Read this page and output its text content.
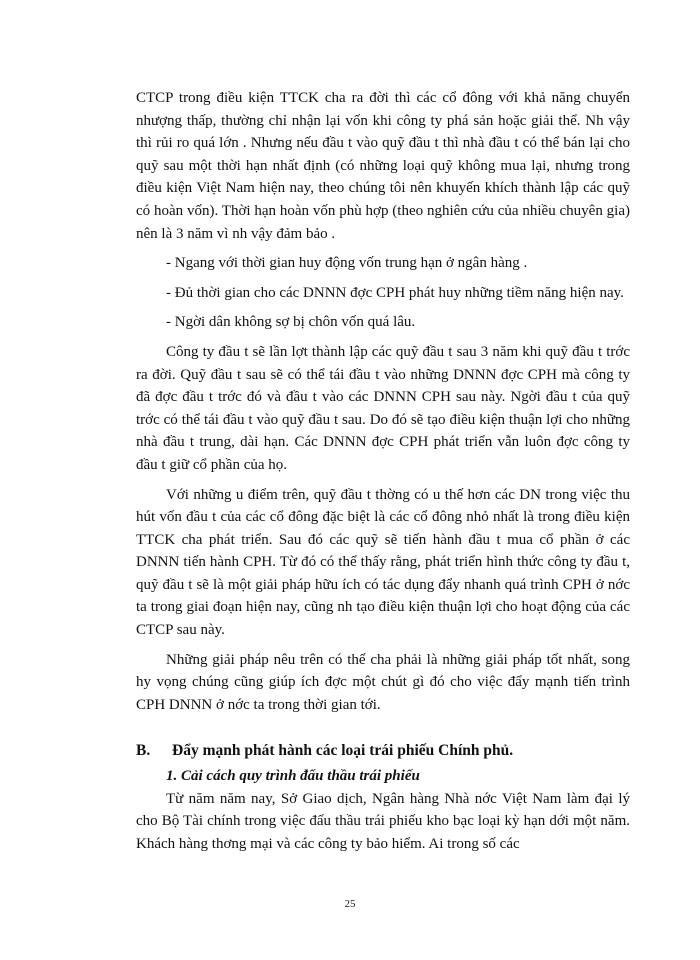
CTCP trong điều kiện TTCK cha ra đời thì các cổ đông với khả năng chuyển nhượng thấp, thường chỉ nhận lại vốn khi công ty phá sản hoặc giải thể. Nh vậy thì rủi ro quá lớn . Nhưng nếu đầu t vào quỹ đầu t thì nhà đầu t có thể bán lại cho quỹ sau một thời hạn nhất định (có những loại quỹ không mua lại, nhưng trong điều kiện Việt Nam hiện nay, theo chúng tôi nên khuyến khích thành lập các quỹ có hoàn vốn). Thời hạn hoàn vốn phù hợp (theo nghiên cứu của nhiều chuyên gia) nên là 3 năm vì nh vậy đảm bảo .

- Ngang với thời gian huy động vốn trung hạn ở ngân hàng .

- Đủ thời gian cho các DNNN đợc CPH phát huy những tiềm năng hiện nay.

- Ngời dân không sợ bị chôn vốn quá lâu.

Công ty đầu t sẽ lần lợt thành lập các quỹ đầu t sau 3 năm khi quỹ đầu t trớc ra đời. Quỹ đầu t sau sẽ có thể tái đầu t vào những DNNN đợc CPH mà công ty đã đợc đầu t trớc đó và đầu t vào các DNNN CPH sau này. Ngời đầu t của quỹ trớc có thể tái đầu t vào quỹ đầu t sau. Do đó sẽ tạo điều kiện thuận lợi cho những nhà đầu t trung, dài hạn. Các DNNN đợc CPH phát triển vẫn luôn đợc công ty đầu t giữ cổ phần của họ.

Với những u điểm trên, quỹ đầu t thờng có u thế hơn các DN trong việc thu hút vốn đầu t của các cổ đông đặc biệt là các cổ đông nhỏ nhất là trong điều kiện TTCK cha phát triển. Sau đó các quỹ sẽ tiến hành đầu t mua cổ phần ở các DNNN tiến hành CPH. Từ đó có thể thấy rằng, phát triển hình thức công ty đầu t, quỹ đầu t sẽ là một giải pháp hữu ích có tác dụng đẩy nhanh quá trình CPH ở nớc ta trong giai đoạn hiện nay, cũng nh tạo điều kiện thuận lợi cho hoạt động của các CTCP sau này.

Những giải pháp nêu trên có thể cha phải là những giải pháp tốt nhất, song hy vọng chúng cũng giúp ích đợc một chút gì đó cho việc đẩy mạnh tiến trình CPH DNNN ở nớc ta trong thời gian tới.

B. Đẩy mạnh phát hành các loại trái phiếu Chính phủ.
1. Cải cách quy trình đấu thầu trái phiếu

Từ năm năm nay, Sở Giao dịch, Ngân hàng Nhà nớc Việt Nam làm đại lý cho Bộ Tài chính trong việc đấu thầu trái phiếu kho bạc loại kỳ hạn dới một năm. Khách hàng thơng mại và các công ty bảo hiểm. Ai trong số các

25
